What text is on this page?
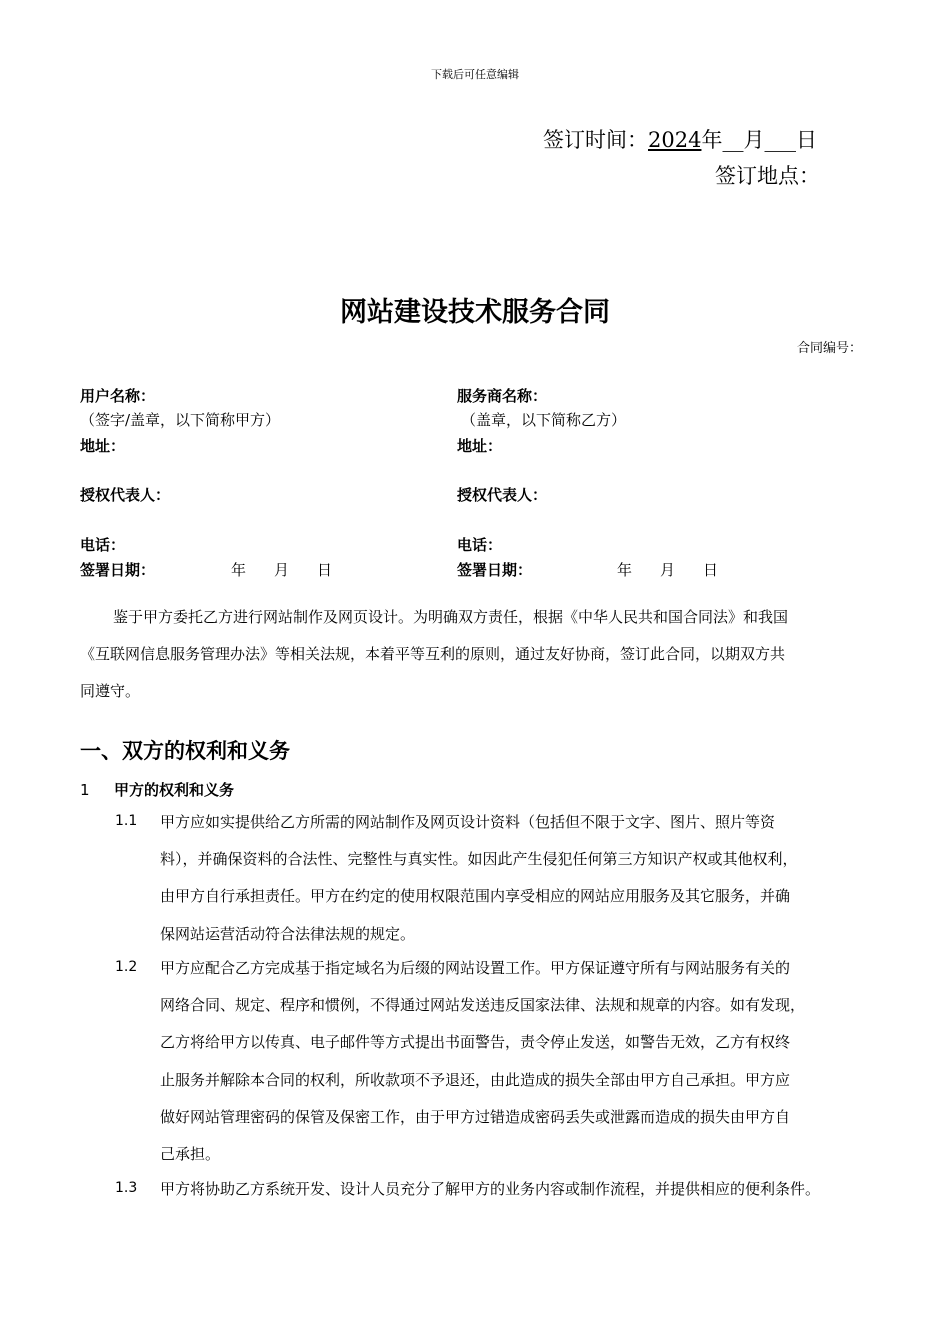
下载后可任意编辑
签订时间：2024年__月___日
签订地点：
网站建设技术服务合同
合同编号：
用户名称：
（签字/盖章，以下简称甲方）
地址：
授权代表人：
电话：
签署日期：	年 月 日
服务商名称：
（盖章，以下简称乙方）
地址：
授权代表人：
电话：
签署日期：	年 月 日
鉴于甲方委托乙方进行网站制作及网页设计。为明确双方责任，根据《中华人民共和国合同法》和我国
《互联网信息服务管理办法》等相关法规，本着平等互利的原则，通过友好协商，签订此合同，以期双方共
同遵守。
一、双方的权利和义务
1 甲方的权利和义务
1.1 甲方应如实提供给乙方所需的网站制作及网页设计资料（包括但不限于文字、图片、照片等资
料），并确保资料的合法性、完整性与真实性。如因此产生侵犯任何第三方知识产权或其他权利，
由甲方自行承担责任。甲方在约定的使用权限范围内享受相应的网站应用服务及其它服务，并确
保网站运营活动符合法律法规的规定。
1.2 甲方应配合乙方完成基于指定域名为后缀的网站设置工作。甲方保证遵守所有与网站服务有关的
网络合同、规定、程序和惯例，不得通过网站发送违反国家法律、法规和规章的内容。如有发现，
乙方将给甲方以传真、电子邮件等方式提出书面警告，责令停止发送，如警告无效，乙方有权终
止服务并解除本合同的权利，所收款项不予退还，由此造成的损失全部由甲方自己承担。甲方应
做好网站管理密码的保管及保密工作，由于甲方过错造成密码丢失或泄露而造成的损失由甲方自
己承担。
1.3 甲方将协助乙方系统开发、设计人员充分了解甲方的业务内容或制作流程，并提供相应的便利条件。
